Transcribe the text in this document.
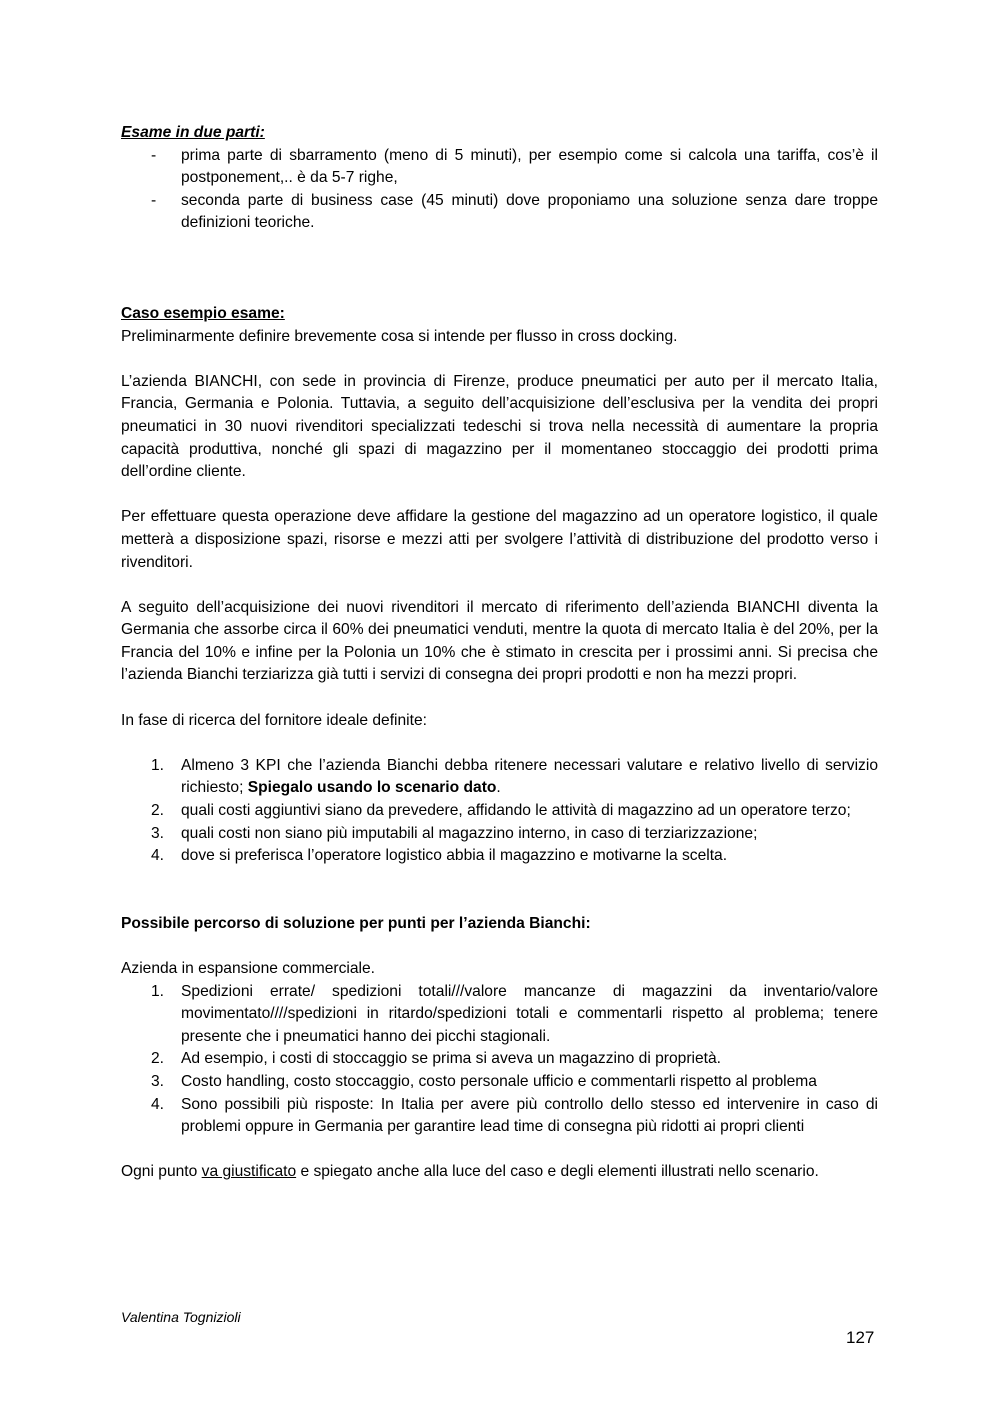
Esame in due parti:

- prima parte di sbarramento (meno di 5 minuti), per esempio come si calcola una tariffa, cos’è il postponement,.. è da 5-7 righe,
- seconda parte di business case (45 minuti) dove proponiamo una soluzione senza dare troppe definizioni teoriche.

Caso esempio esame:

Preliminarmente definire brevemente cosa si intende per flusso in cross docking.

L’azienda BIANCHI, con sede in provincia di Firenze, produce pneumatici per auto per il mercato Italia, Francia, Germania e Polonia. Tuttavia, a seguito dell’acquisizione dell’esclusiva per la vendita dei propri pneumatici in 30 nuovi rivenditori specializzati tedeschi si trova nella necessità di aumentare la propria capacità produttiva, nonché gli spazi di magazzino per il momentaneo stoccaggio dei prodotti prima dell’ordine cliente.

Per effettuare questa operazione deve affidare la gestione del magazzino ad un operatore logistico, il quale metterà a disposizione spazi, risorse e mezzi atti per svolgere l’attività di distribuzione del prodotto verso i rivenditori.

A seguito dell’acquisizione dei nuovi rivenditori il mercato di riferimento dell’azienda BIANCHI diventa la Germania che assorbe circa il 60% dei pneumatici venduti, mentre la quota di mercato Italia è del 20%, per la Francia del 10% e infine per la Polonia un 10% che è stimato in crescita per i prossimi anni. Si precisa che l’azienda Bianchi terziarizza già tutti i servizi di consegna dei propri prodotti e non ha mezzi propri.

In fase di ricerca del fornitore ideale definite:

1. Almeno 3 KPI che l’azienda Bianchi debba ritenere necessari valutare e relativo livello di servizio richiesto; Spiegalo usando lo scenario dato.
2. quali costi aggiuntivi siano da prevedere, affidando le attività di magazzino ad un operatore terzo;
3. quali costi non siano più imputabili al magazzino interno, in caso di terziarizzazione;
4. dove si preferisca l’operatore logistico abbia il magazzino e motivarne la scelta.

Possibile percorso di soluzione per punti per l’azienda Bianchi:

Azienda in espansione commerciale.

1. Spedizioni errate/ spedizioni totali///valore mancanze di magazzini da inventario/valore movimentato////spedizioni in ritardo/spedizioni totali e commentarli rispetto al problema; tenere presente che i pneumatici hanno dei picchi stagionali.
2. Ad esempio, i costi di stoccaggio se prima si aveva un magazzino di proprietà.
3. Costo handling, costo stoccaggio, costo personale ufficio e commentarli rispetto al problema
4. Sono possibili più risposte: In Italia per avere più controllo dello stesso ed intervenire in caso di problemi oppure in Germania per garantire lead time di consegna più ridotti ai propri clienti

Ogni punto va giustificato e spiegato anche alla luce del caso e degli elementi illustrati nello scenario.

Valentina Tognizioli
127
